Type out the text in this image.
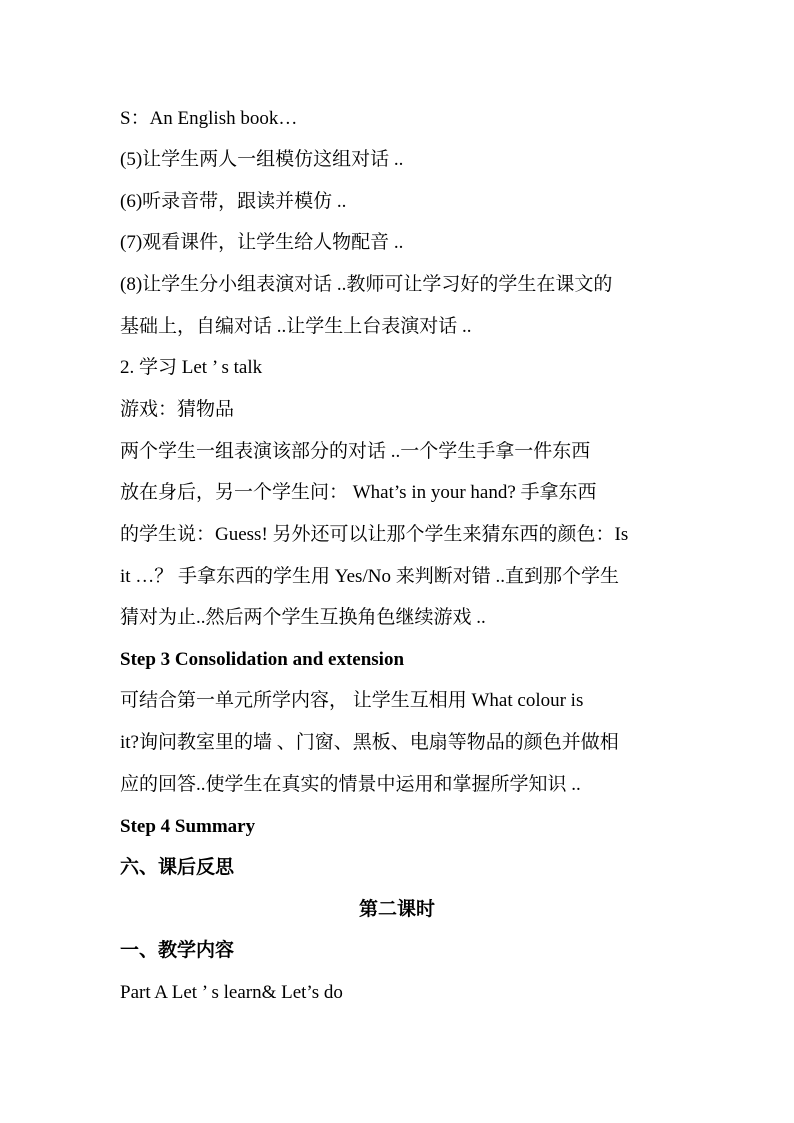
S：An English book…
(5)让学生两人一组模仿这组对话 ..
(6)听录音带，跟读并模仿 ..
(7)观看课件，让学生给人物配音 ..
(8)让学生分小组表演对话 ..教师可让学习好的学生在课文的
基础上，自编对话 ..让学生上台表演对话 ..
2. 学习 Let ’ s talk
游戏：猜物品
两个学生一组表演该部分的对话 ..一个学生手拿一件东西
放在身后，另一个学生问： What’s in your hand? 手拿东西
的学生说：Guess! 另外还可以让那个学生来猜东西的颜色：Is
it …？ 手拿东西的学生用 Yes/No 来判断对错 ..直到那个学生
猜对为止..然后两个学生互换角色继续游戏 ..
Step 3 Consolidation and extension
可结合第一单元所学内容， 让学生互相用 What colour is
it?询问教室里的墙 、门窗、黑板、电扇等物品的颜色并做相
应的回答..使学生在真实的情景中运用和掌握所学知识 ..
Step 4 Summary
六、课后反思
第二课时
一、教学内容
Part A Let ’ s learn& Let’s do
